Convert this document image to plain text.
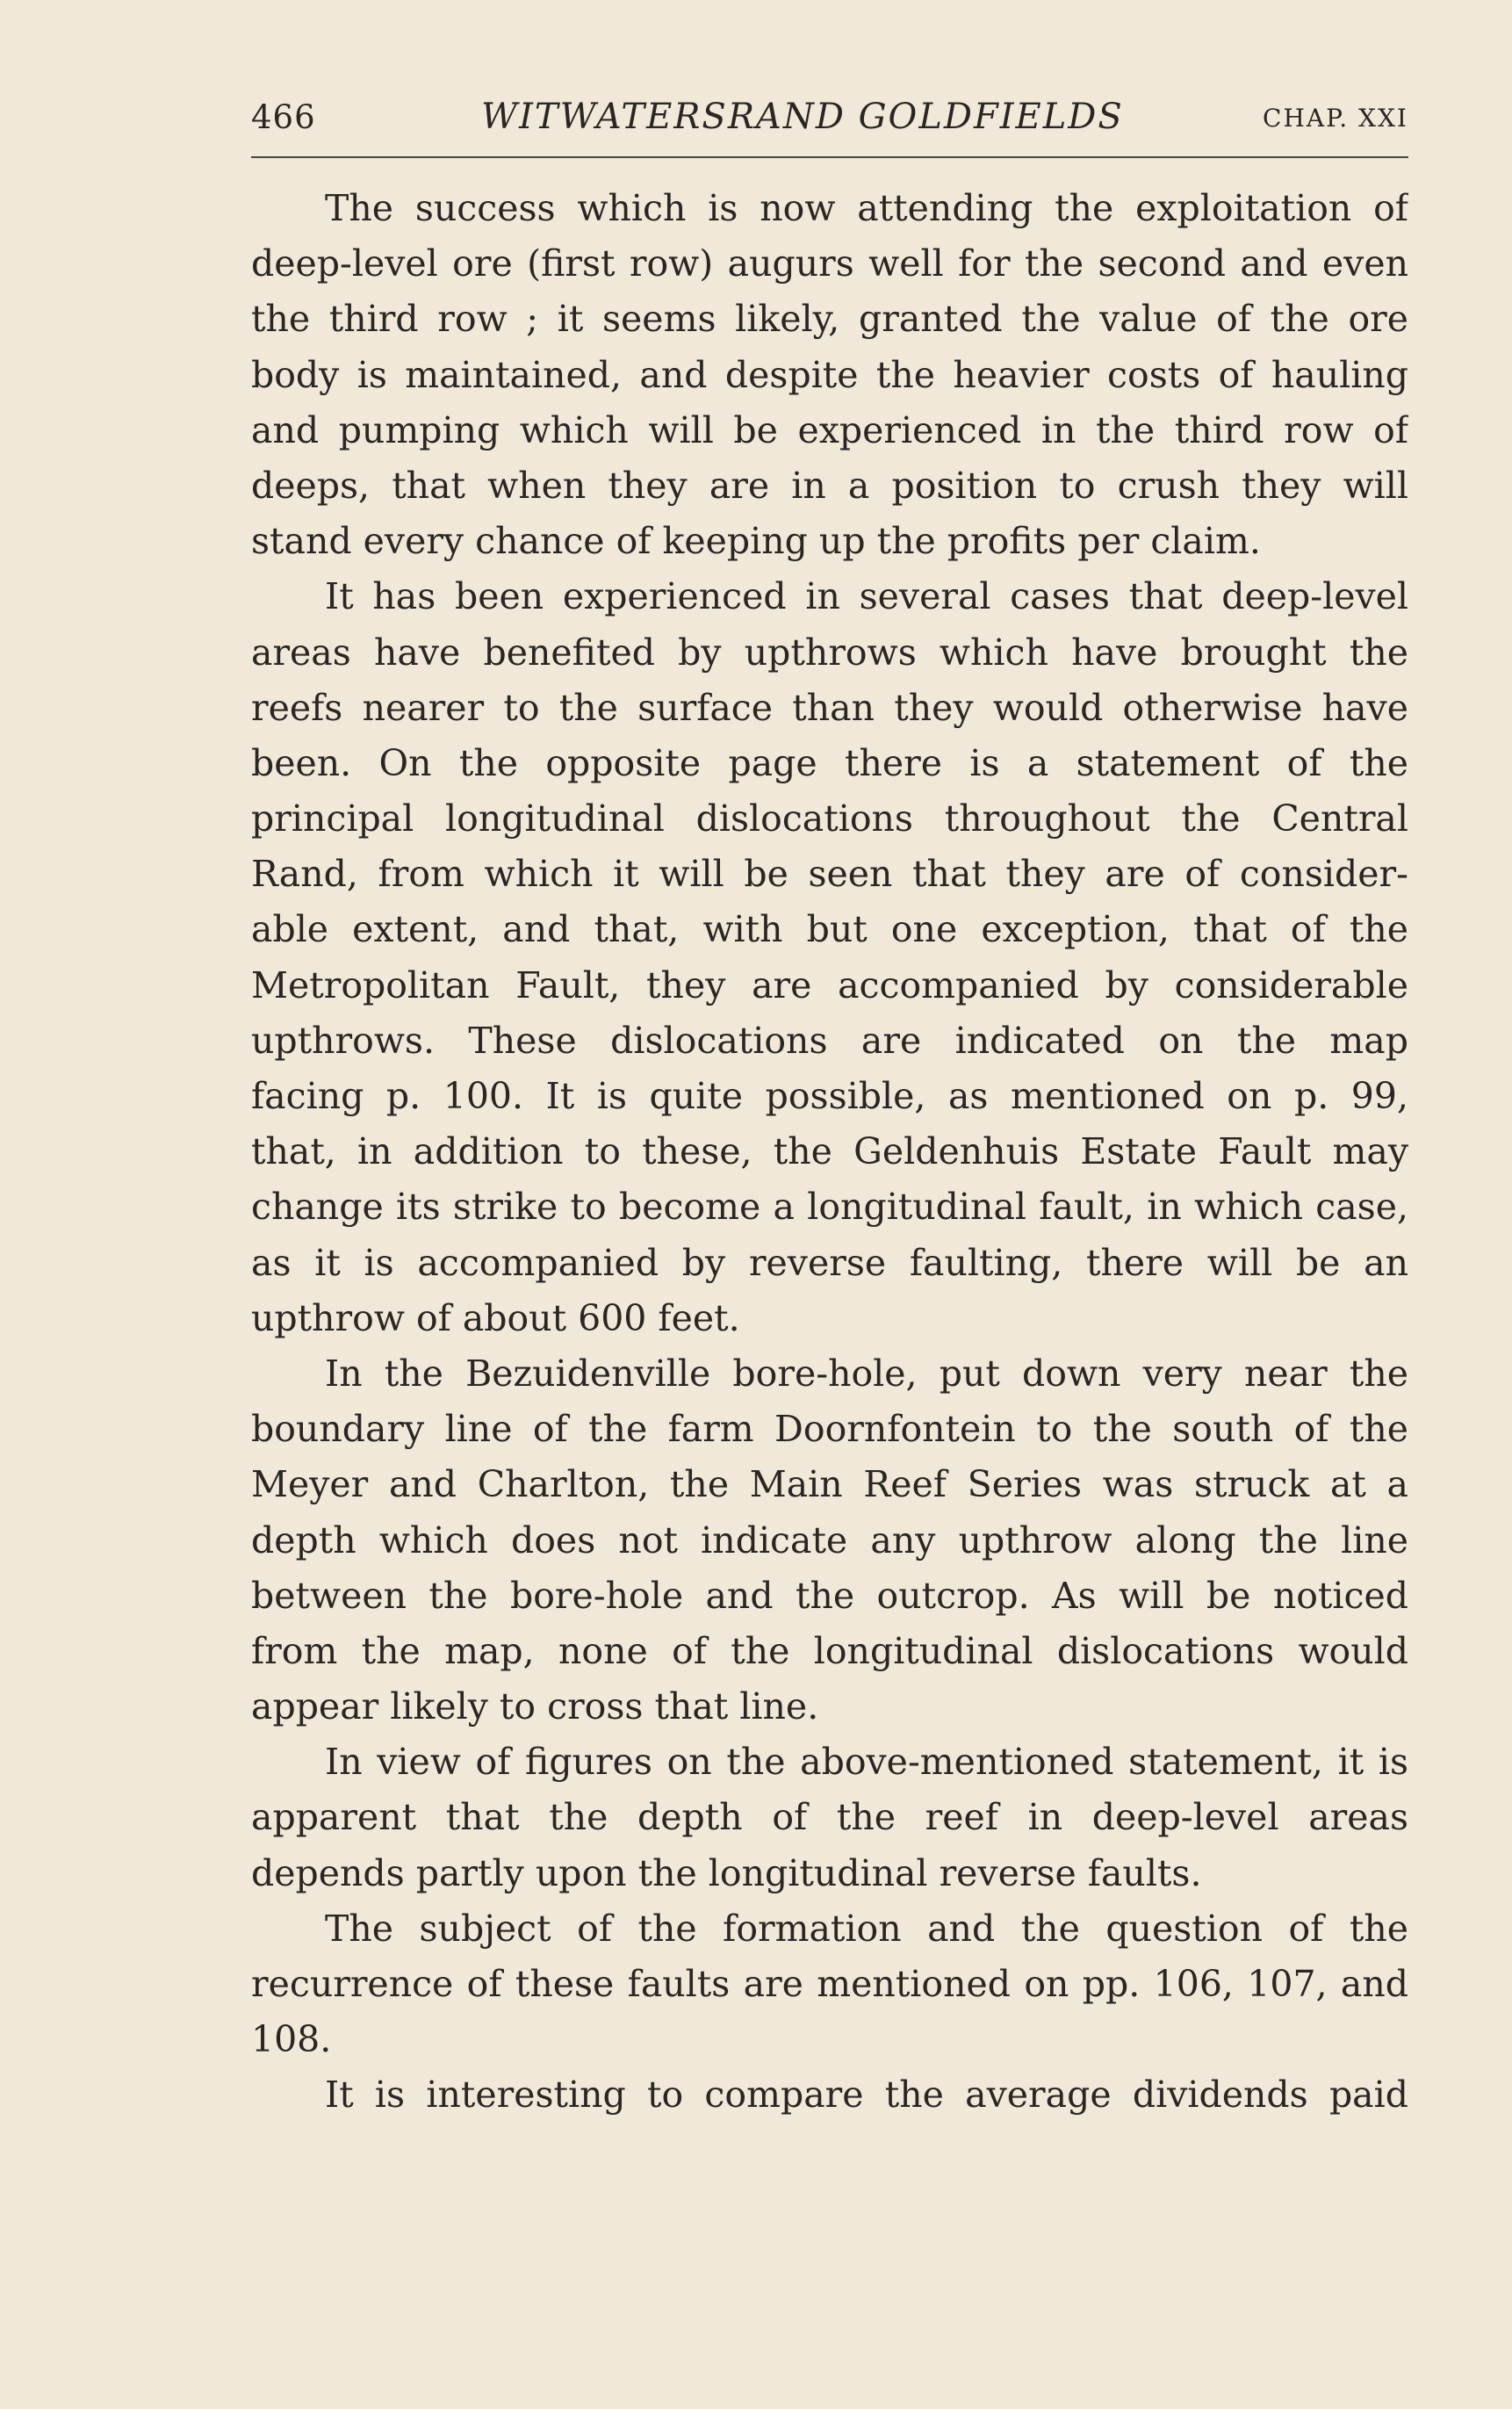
466	WITWATERSRAND GOLDFIELDS	CHAP. XXI
The success which is now attending the exploitation of
deep-level ore (first row) augurs well for the second and even
the third row ; it seems likely, granted the value of the ore
body is maintained, and despite the heavier costs of hauling
and pumping which will be experienced in the third row of
deeps, that when they are in a position to crush they will
stand every chance of keeping up the profits per claim.
It has been experienced in several cases that deep-level
areas have benefited by upthrows which have brought the
reefs nearer to the surface than they would otherwise have
been. On the opposite page there is a statement of the
principal longitudinal dislocations throughout the Central
Rand, from which it will be seen that they are of consider-
able extent, and that, with but one exception, that of the
Metropolitan Fault, they are accompanied by considerable
upthrows. These dislocations are indicated on the map
facing p. 100. It is quite possible, as mentioned on p. 99,
that, in addition to these, the Geldenhuis Estate Fault may
change its strike to become a longitudinal fault, in which case,
as it is accompanied by reverse faulting, there will be an
upthrow of about 600 feet.
In the Bezuidenville bore-hole, put down very near the
boundary line of the farm Doornfontein to the south of the
Meyer and Charlton, the Main Reef Series was struck at a
depth which does not indicate any upthrow along the line
between the bore-hole and the outcrop. As will be noticed
from the map, none of the longitudinal dislocations would
appear likely to cross that line.
In view of figures on the above-mentioned statement, it is
apparent that the depth of the reef in deep-level areas
depends partly upon the longitudinal reverse faults.
The subject of the formation and the question of the
recurrence of these faults are mentioned on pp. 106, 107, and
108.
It is interesting to compare the average dividends paid
